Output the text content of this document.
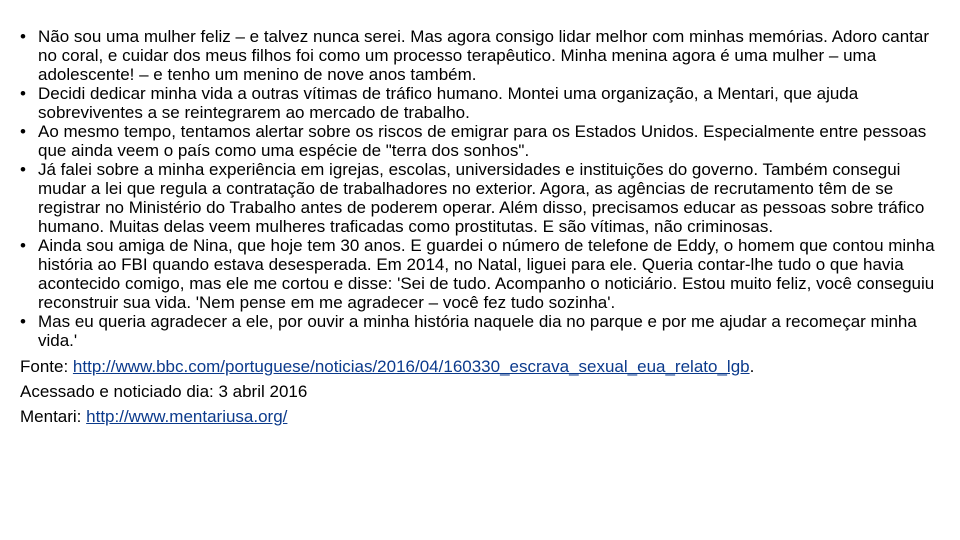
• Não sou uma mulher feliz – e talvez nunca serei. Mas agora consigo lidar melhor com minhas memórias. Adoro cantar no coral, e cuidar dos meus filhos foi como um processo terapêutico. Minha menina agora é uma mulher – uma adolescente! – e tenho um menino de nove anos também.
• Decidi dedicar minha vida a outras vítimas de tráfico humano. Montei uma organização, a Mentari, que ajuda sobreviventes a se reintegrarem ao mercado de trabalho.
• Ao mesmo tempo, tentamos alertar sobre os riscos de emigrar para os Estados Unidos. Especialmente entre pessoas que ainda veem o país como uma espécie de "terra dos sonhos".
• Já falei sobre a minha experiência em igrejas, escolas, universidades e instituições do governo. Também consegui mudar a lei que regula a contratação de trabalhadores no exterior. Agora, as agências de recrutamento têm de se registrar no Ministério do Trabalho antes de poderem operar. Além disso, precisamos educar as pessoas sobre tráfico humano. Muitas delas veem mulheres traficadas como prostitutas. E são vítimas, não criminosas.
• Ainda sou amiga de Nina, que hoje tem 30 anos. E guardei o número de telefone de Eddy, o homem que contou minha história ao FBI quando estava desesperada. Em 2014, no Natal, liguei para ele. Queria contar-lhe tudo o que havia acontecido comigo, mas ele me cortou e disse: 'Sei de tudo. Acompanho o noticiário. Estou muito feliz, você conseguiu reconstruir sua vida. 'Nem pense em me agradecer – você fez tudo sozinha'.
• Mas eu queria agradecer a ele, por ouvir a minha história naquele dia no parque e por me ajudar a recomeçar minha vida.'

Fonte: http://www.bbc.com/portuguese/noticias/2016/04/160330_escrava_sexual_eua_relato_lgb.

Acessado e noticiado dia: 3 abril 2016

Mentari: http://www.mentariusa.org/
